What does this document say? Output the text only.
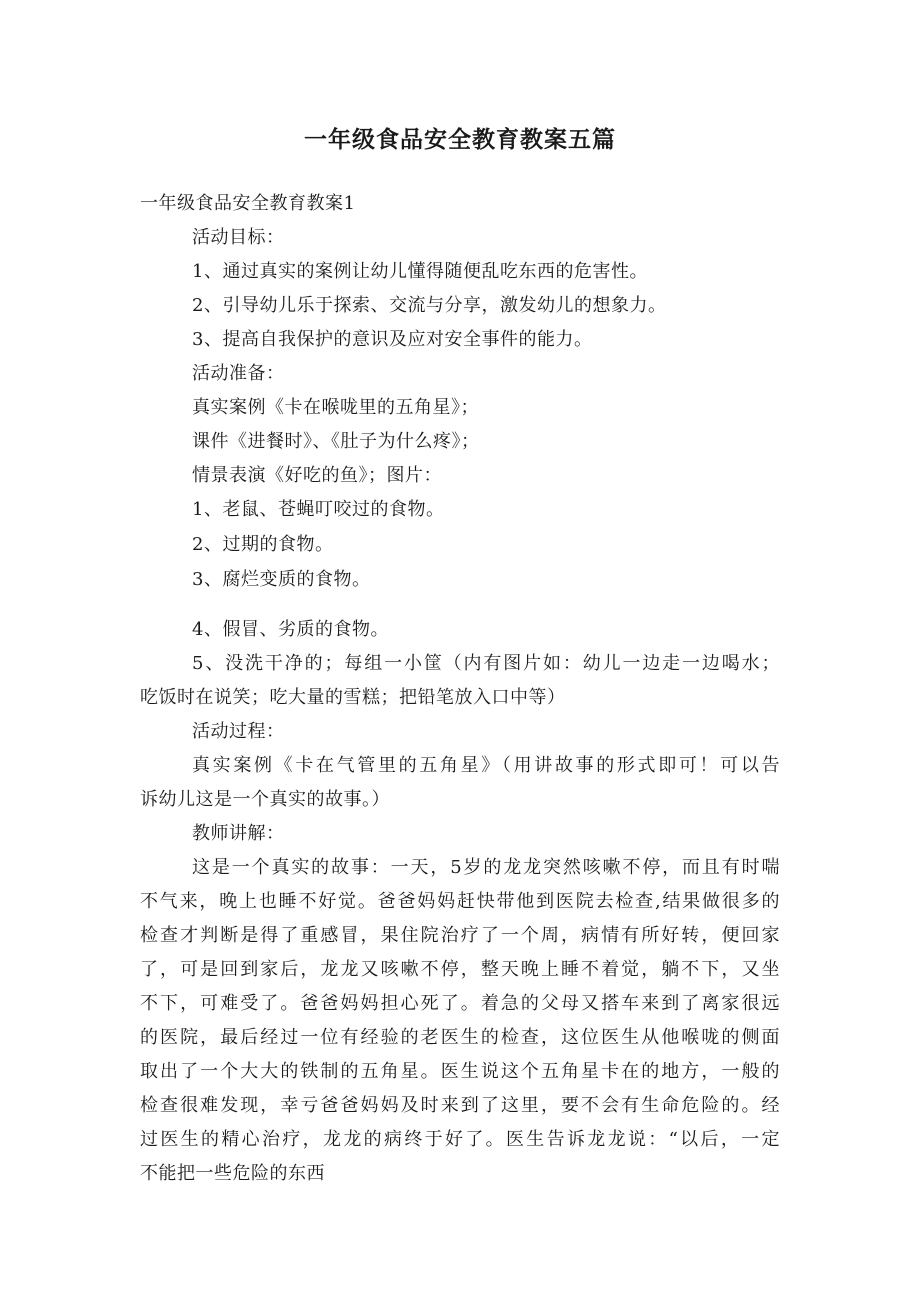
一年级食品安全教育教案五篇
一年级食品安全教育教案1
活动目标：
1、通过真实的案例让幼儿懂得随便乱吃东西的危害性。
2、引导幼儿乐于探索、交流与分享，激发幼儿的想象力。
3、提高自我保护的意识及应对安全事件的能力。
活动准备：
真实案例《卡在喉咙里的五角星》；
课件《进餐时》、《肚子为什么疼》；
情景表演《好吃的鱼》；图片：
1、老鼠、苍蝇叮咬过的食物。
2、过期的食物。
3、腐烂变质的食物。
4、假冒、劣质的食物。
5、没洗干净的；每组一小筐（内有图片如：幼儿一边走一边喝水；
吃饭时在说笑；吃大量的雪糕；把铅笔放入口中等）
活动过程：
真实案例《卡在气管里的五角星》（用讲故事的形式即可！可以告
诉幼儿这是一个真实的故事。）
教师讲解：
这是一个真实的故事：一天，5岁的龙龙突然咳嗽不停，而且有时喘
不气来，晚上也睡不好觉。爸爸妈妈赶快带他到医院去检查,结果做很多的
检查才判断是得了重感冒，果住院治疗了一个周，病情有所好转，便回家
了，可是回到家后，龙龙又咳嗽不停，整天晚上睡不着觉，躺不下，又坐
不下，可难受了。爸爸妈妈担心死了。着急的父母又搭车来到了离家很远
的医院，最后经过一位有经验的老医生的检查，这位医生从他喉咙的侧面
取出了一个大大的铁制的五角星。医生说这个五角星卡在的地方，一般的
检查很难发现，幸亏爸爸妈妈及时来到了这里，要不会有生命危险的。经
过医生的精心治疗，龙龙的病终于好了。医生告诉龙龙说：“以后，一定
不能把一些危险的东西
